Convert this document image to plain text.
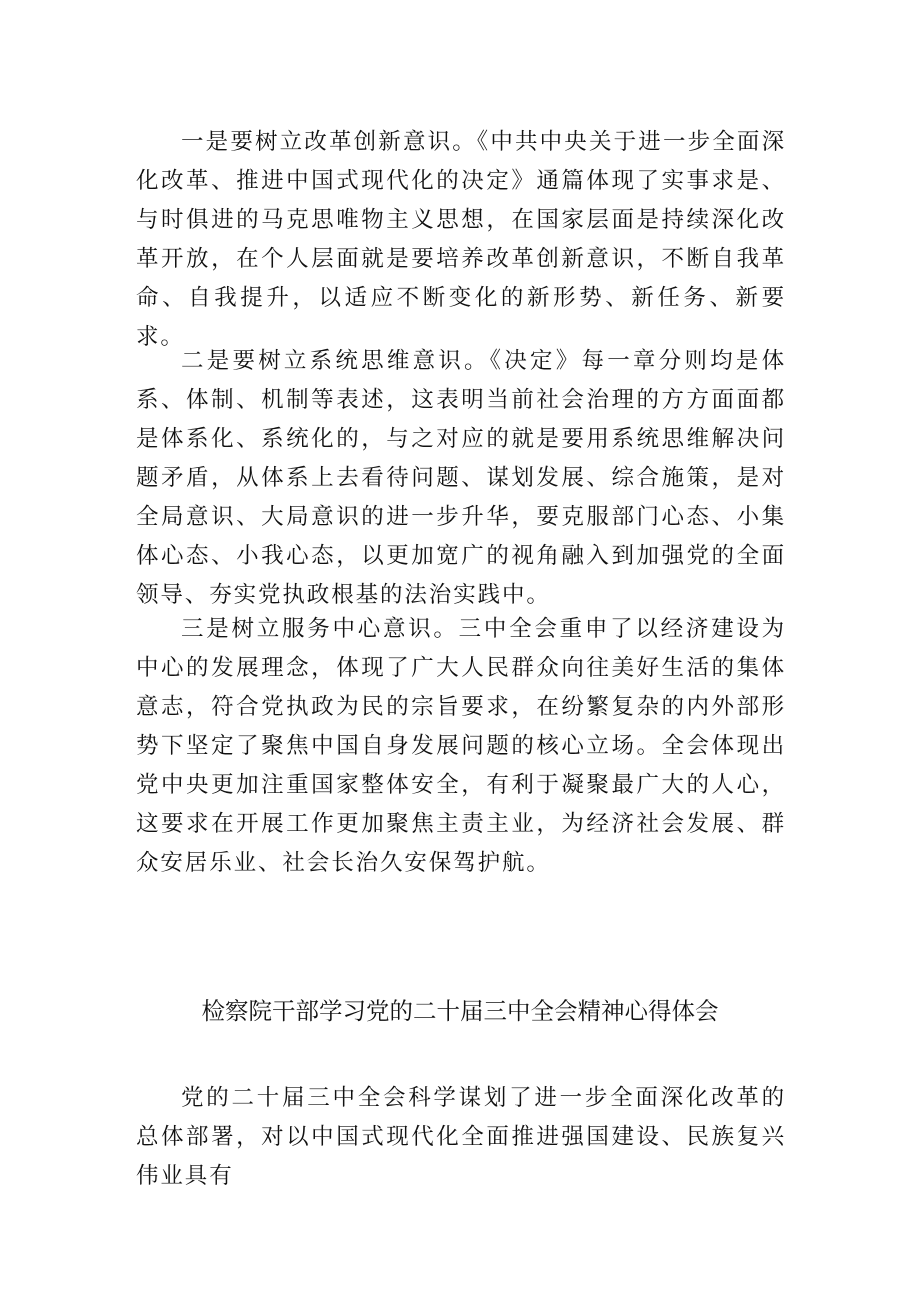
一是要树立改革创新意识。《中共中央关于进一步全面深化改革、推进中国式现代化的决定》通篇体现了实事求是、与时俱进的马克思唯物主义思想，在国家层面是持续深化改革开放，在个人层面就是要培养改革创新意识，不断自我革命、自我提升，以适应不断变化的新形势、新任务、新要求。

二是要树立系统思维意识。《决定》每一章分则均是体系、体制、机制等表述，这表明当前社会治理的方方面面都是体系化、系统化的，与之对应的就是要用系统思维解决问题矛盾，从体系上去看待问题、谋划发展、综合施策，是对全局意识、大局意识的进一步升华，要克服部门心态、小集体心态、小我心态，以更加宽广的视角融入到加强党的全面领导、夯实党执政根基的法治实践中。

三是树立服务中心意识。三中全会重申了以经济建设为中心的发展理念，体现了广大人民群众向往美好生活的集体意志，符合党执政为民的宗旨要求，在纷繁复杂的内外部形势下坚定了聚焦中国自身发展问题的核心立场。全会体现出党中央更加注重国家整体安全，有利于凝聚最广大的人心，这要求在开展工作更加聚焦主责主业，为经济社会发展、群众安居乐业、社会长治久安保驾护航。

检察院干部学习党的二十届三中全会精神心得体会

党的二十届三中全会科学谋划了进一步全面深化改革的总体部署，对以中国式现代化全面推进强国建设、民族复兴伟业具有
